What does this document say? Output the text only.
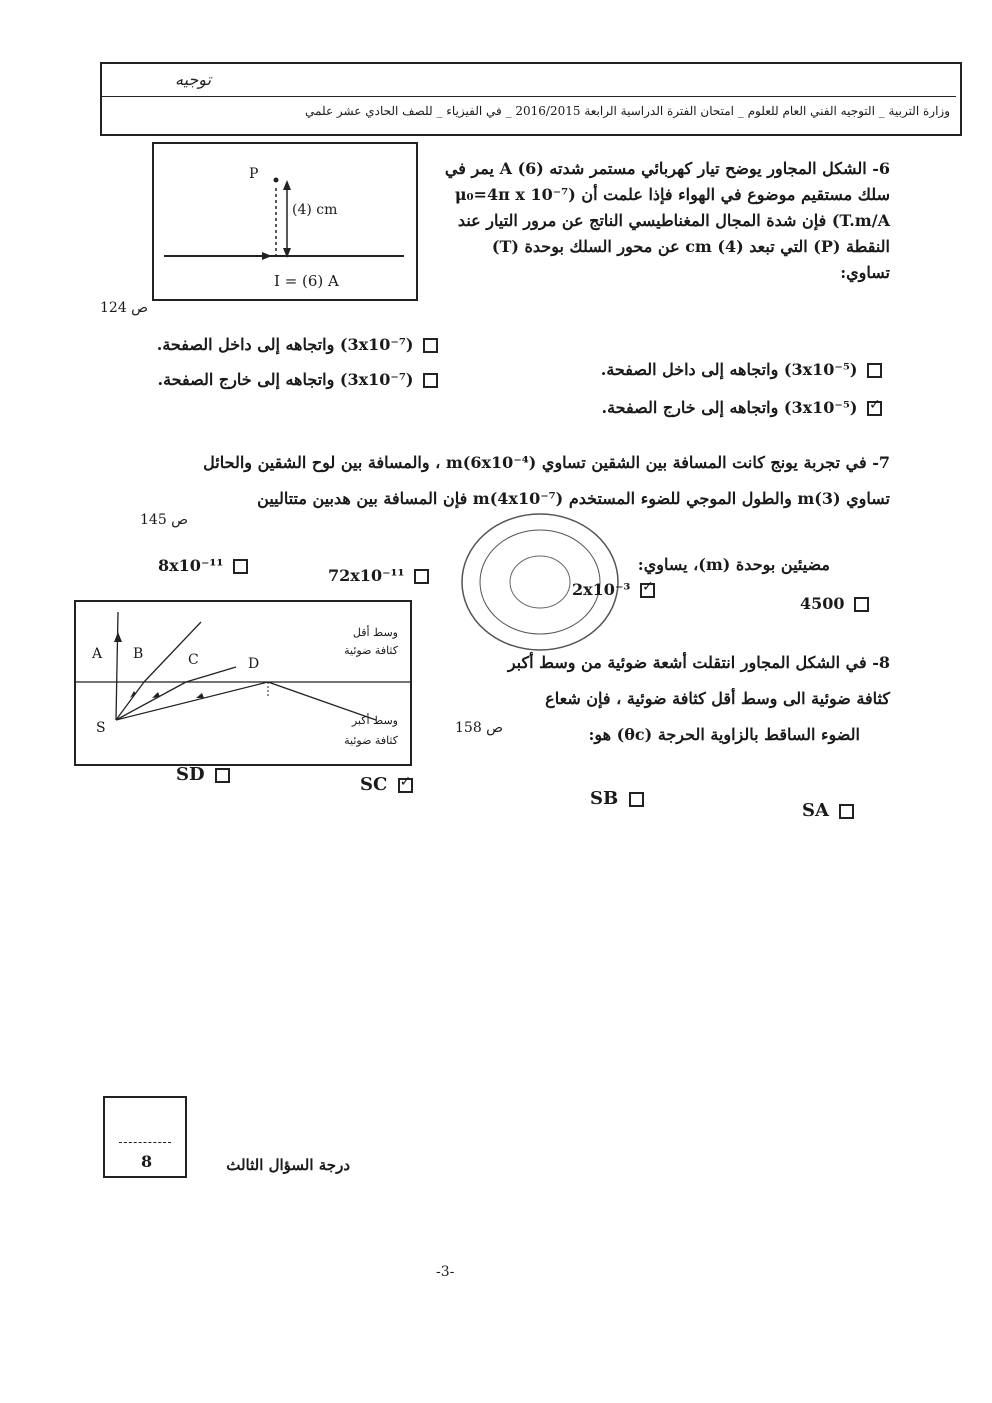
وزارة التربية _ التوجيه الفني العام للعلوم _ امتحان الفترة الدراسية الرابعة 2016/2015 _ في الفيزياء _ للصف الحادي عشر علمي
توجيه
P
(4) cm
I = (6) A
ص 124
6- الشكل المجاور يوضح تيار كهربائي مستمر شدته A (6) يمر في سلك مستقيم موضوع في الهواء فإذا علمت أن (μ₀=4π x 10⁻⁷ T.m/A) فإن شدة المجال المغناطيسي الناتج عن مرور التيار عند النقطة (P) التي تبعد cm (4) عن محور السلك بوحدة (T) تساوي:
(3x10⁻⁷) واتجاهه إلى داخل الصفحة.
(3x10⁻⁷) واتجاهه إلى خارج الصفحة.
(3x10⁻⁵) واتجاهه إلى داخل الصفحة.
✓ (3x10⁻⁵) واتجاهه إلى خارج الصفحة.
7- في تجربة يونج كانت المسافة بين الشقين تساوي m(6x10⁻⁴) ، والمسافة بين لوح الشقين والحائل
تساوي m(3) والطول الموجي للضوء المستخدم m(4x10⁻⁷) فإن المسافة بين هدبين متتاليين
مضيئين بوحدة (m)، يساوي:
ص 145
8x10⁻¹¹
72x10⁻¹¹
2x10⁻³ ✓
4500
A B	C	D
S
وسط أقل
كثافة ضوئية
وسط أكبر
كثافة ضوئية
8- في الشكل المجاور انتقلت أشعة ضوئية من وسط أكبر
كثافة ضوئية الى وسط أقل كثافة ضوئية ، فإن شعاع
الضوء الساقط بالزاوية الحرجة (θc) هو:
ص 158
SD	SC ✓
SB
SA
8	درجة السؤال الثالث
-3-
